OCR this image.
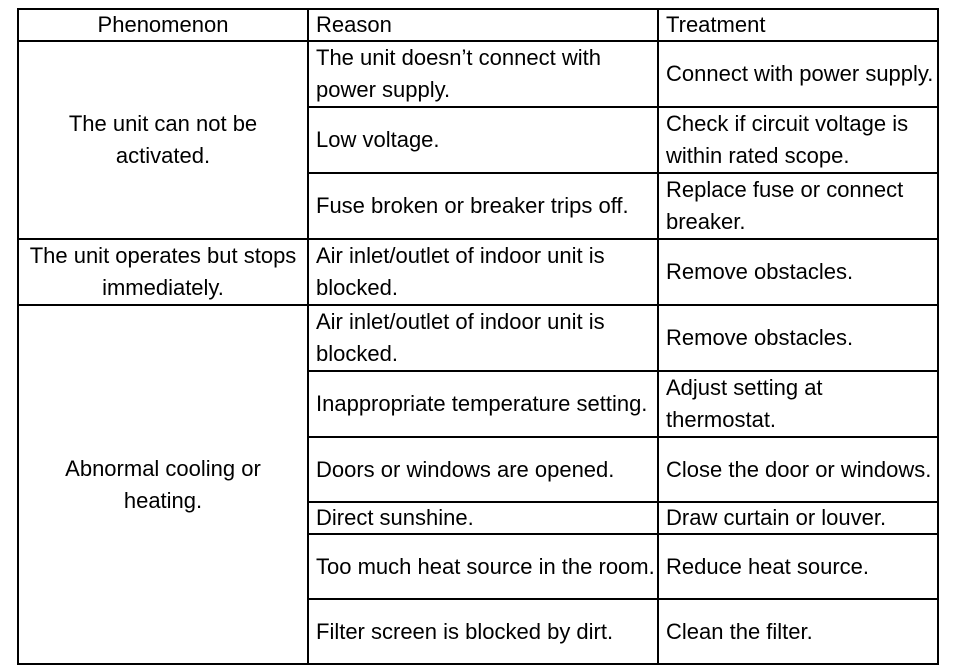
Phenomenon	Reason	Treatment
The unit can not be activated.	The unit doesn’t connect with power supply.	Connect with power supply.
	Low voltage.	Check if circuit voltage is within rated scope.
	Fuse broken or breaker trips off.	Replace fuse or connect breaker.
The unit operates but stops immediately.	Air inlet/outlet of indoor unit is blocked.	Remove obstacles.
Abnormal cooling or heating.	Air inlet/outlet of indoor unit is blocked.	Remove obstacles.
	Inappropriate temperature setting.	Adjust setting at thermostat.
	Doors or windows are opened.	Close the door or windows.
	Direct sunshine.	Draw curtain or louver.
	Too much heat source in the room.	Reduce heat source.
	Filter screen is blocked by dirt.	Clean the filter.
